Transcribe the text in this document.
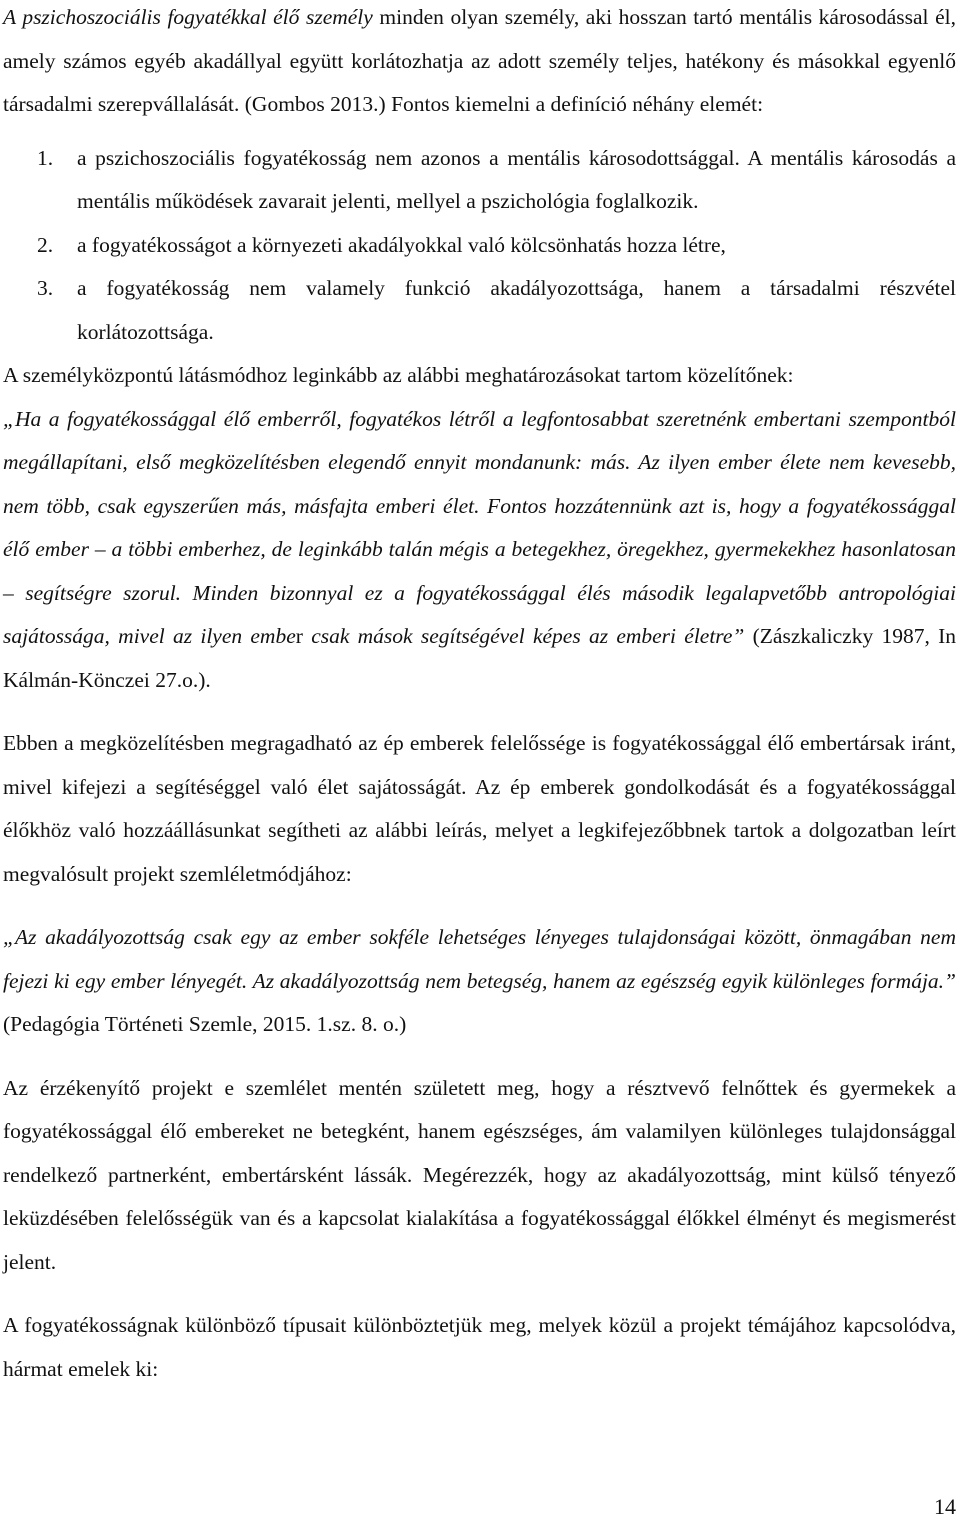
A pszichoszociális fogyatékkal élő személy minden olyan személy, aki hosszan tartó mentális károsodással él, amely számos egyéb akadállyal együtt korlátozhatja az adott személy teljes, hatékony és másokkal egyenlő társadalmi szerepvállalását. (Gombos 2013.) Fontos kiemelni a definíció néhány elemét:

1. a pszichoszociális fogyatékosság nem azonos a mentális károsodottsággal. A mentális károsodás a mentális működések zavarait jelenti, mellyel a pszichológia foglalkozik.
2. a fogyatékosságot a környezeti akadályokkal való kölcsönhatás hozza létre,
3. a fogyatékosság nem valamely funkció akadályozottsága, hanem a társadalmi részvétel korlátozottsága.

A személyközpontú látásmódhoz leginkább az alábbi meghatározásokat tartom közelítőnek:

„Ha a fogyatékossággal élő emberről, fogyatékos létről a legfontosabbat szeretnénk embertani szempontból megállapítani, első megközelítésben elegendő ennyit mondanunk: más. Az ilyen ember élete nem kevesebb, nem több, csak egyszerűen más, másfajta emberi élet. Fontos hozzátennünk azt is, hogy a fogyatékossággal élő ember – a többi emberhez, de leginkább talán mégis a betegekhez, öregekhez, gyermekekhez hasonlatosan – segítségre szorul. Minden bizonnyal ez a fogyatékossággal élés második legalapvetőbb antropológiai sajátossága, mivel az ilyen ember csak mások segítségével képes az emberi életre” (Zászkaliczky 1987, In Kálmán-Könczei 27.o.).

Ebben a megközelítésben megragadható az ép emberek felelőssége is fogyatékossággal élő embertársak iránt, mivel kifejezi a segítéséggel való élet sajátosságát. Az ép emberek gondolkodását és a fogyatékossággal élőkhöz való hozzáállásunkat segítheti az alábbi leírás, melyet a legkifejezőbbnek tartok a dolgozatban leírt megvalósult projekt szemléletmódjához:

„Az akadályozottság csak egy az ember sokféle lehetséges lényeges tulajdonságai között, önmagában nem fejezi ki egy ember lényegét. Az akadályozottság nem betegség, hanem az egészség egyik különleges formája.” (Pedagógia Történeti Szemle, 2015. 1.sz. 8. o.)

Az érzékenyítő projekt e szemlélet mentén született meg, hogy a résztvevő felnőttek és gyermekek a fogyatékossággal élő embereket ne betegként, hanem egészséges, ám valamilyen különleges tulajdonsággal rendelkező partnerként, embertársként lássák. Megérezzék, hogy az akadályozottság, mint külső tényező leküzdésében felelősségük van és a kapcsolat kialakítása a fogyatékossággal élőkkel élményt és megismerést jelent.

A fogyatékosságnak különböző típusait különböztetjük meg, melyek közül a projekt témájához kapcsolódva, hármat emelek ki:

14
